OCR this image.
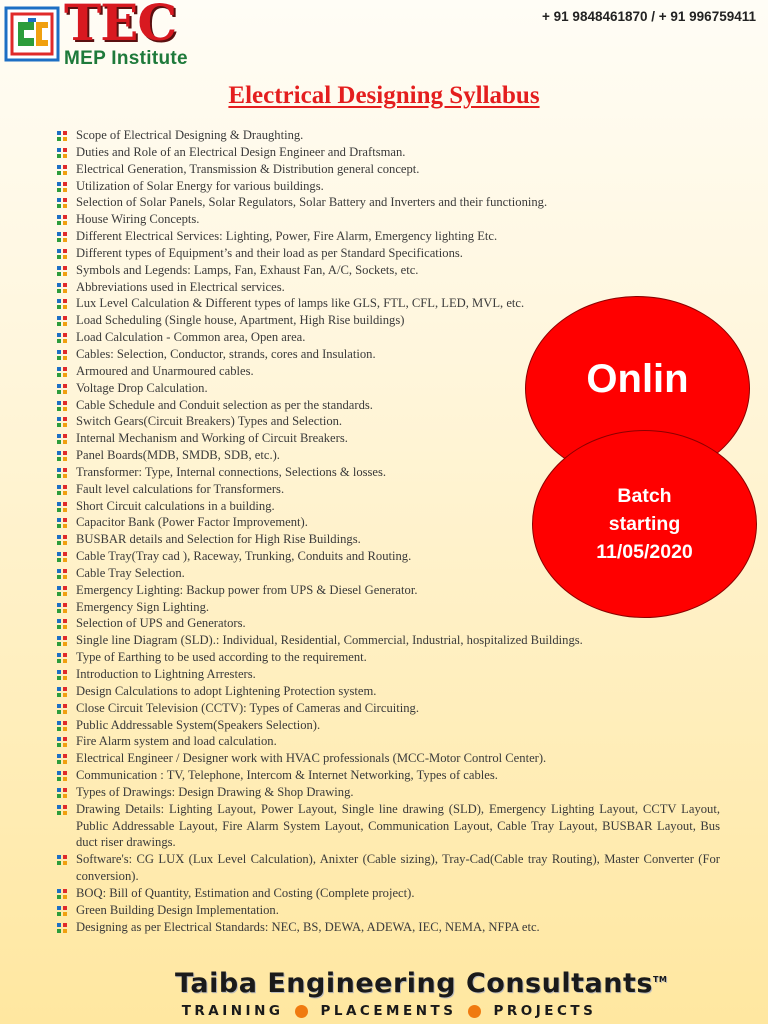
TEC
MEP Institute
+ 91 9848461870 / + 91 996759411
Electrical Designing Syllabus
Scope of Electrical Designing & Draughting.
Duties and Role of an Electrical Design Engineer and Draftsman.
Electrical Generation, Transmission & Distribution general concept.
Utilization of Solar Energy for various buildings.
Selection of Solar Panels, Solar Regulators, Solar Battery and Inverters and their functioning.
House Wiring Concepts.
Different Electrical Services: Lighting, Power, Fire Alarm, Emergency lighting Etc.
Different types of Equipment’s and their load as per Standard Specifications.
Symbols and Legends: Lamps, Fan, Exhaust Fan, A/C, Sockets, etc.
Abbreviations used in Electrical services.
Lux Level Calculation & Different types of lamps like GLS, FTL, CFL, LED, MVL, etc.
Load Scheduling (Single house, Apartment, High Rise buildings)
Load Calculation - Common area, Open area.
Cables: Selection, Conductor, strands, cores and Insulation.
Armoured and Unarmoured cables.
Voltage Drop Calculation.
Cable Schedule and Conduit selection as per the standards.
Switch Gears(Circuit Breakers) Types and Selection.
Internal Mechanism and Working of Circuit Breakers.
Panel Boards(MDB, SMDB, SDB, etc.).
Transformer: Type, Internal connections, Selections & losses.
Fault level calculations for Transformers.
Short Circuit calculations in a building.
Capacitor Bank (Power Factor Improvement).
BUSBAR details and Selection for High Rise Buildings.
Cable Tray(Tray cad ), Raceway, Trunking, Conduits and Routing.
Cable Tray Selection.
Emergency Lighting: Backup power from UPS & Diesel Generator.
Emergency Sign Lighting.
Selection of UPS and Generators.
Single line Diagram (SLD).: Individual, Residential, Commercial, Industrial, hospitalized Buildings.
Type of Earthing to be used according to the requirement.
Introduction to Lightning Arresters.
Design Calculations to adopt Lightening Protection system.
Close Circuit Television (CCTV): Types of Cameras and Circuiting.
Public Addressable System(Speakers Selection).
Fire Alarm system and load calculation.
Electrical Engineer / Designer work with HVAC professionals (MCC-Motor Control Center).
Communication : TV, Telephone, Intercom & Internet Networking, Types of cables.
Types of Drawings: Design Drawing & Shop Drawing.
Drawing Details: Lighting Layout, Power Layout, Single line drawing (SLD), Emergency Lighting Layout, CCTV Layout, Public Addressable Layout, Fire Alarm System Layout, Communication Layout, Cable Tray Layout, BUSBAR Layout, Bus duct riser drawings.
Software's: CG LUX (Lux Level Calculation), Anixter (Cable sizing), Tray-Cad(Cable tray Routing), Master Converter (For conversion).
BOQ: Bill of Quantity, Estimation and Costing (Complete project).
Green Building Design Implementation.
Designing as per Electrical Standards: NEC, BS, DEWA, ADEWA, IEC, NEMA, NFPA etc.
Onlin
Batch
starting
11/05/2020
Taiba Engineering Consultants™
TRAINING	PLACEMENTS	PROJECTS
